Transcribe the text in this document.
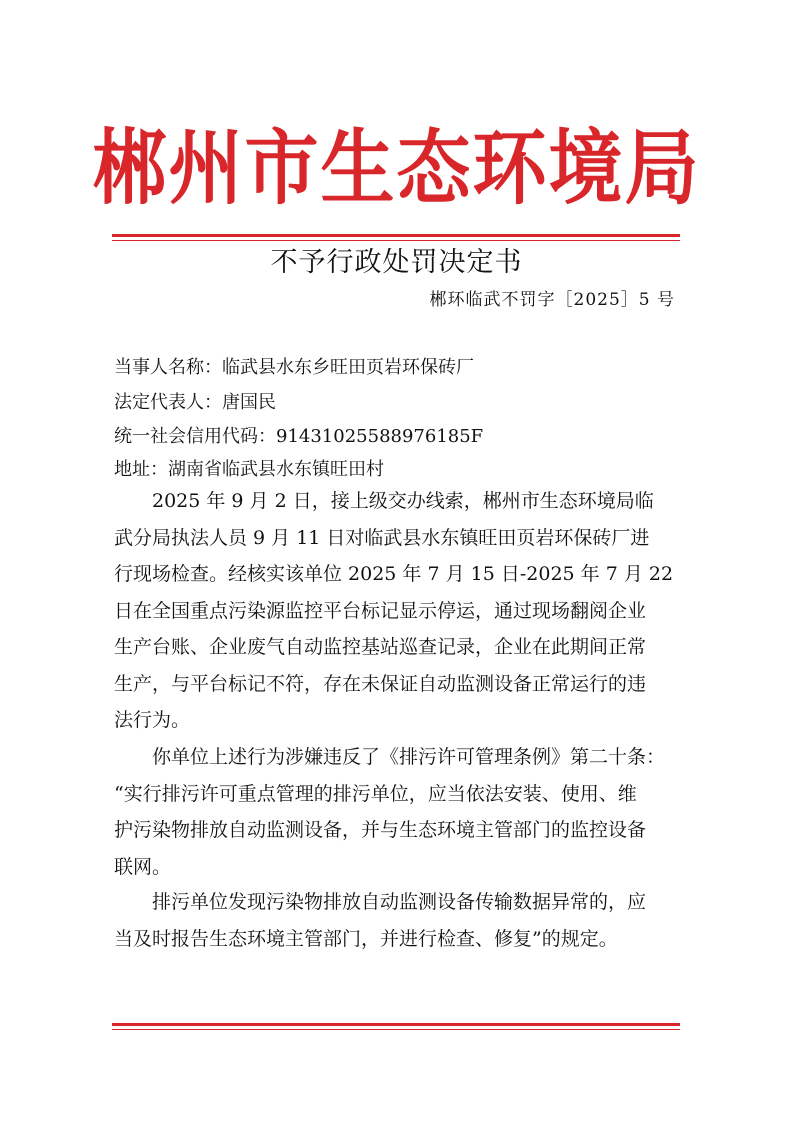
郴州市生态环境局
不予行政处罚决定书
郴环临武不罚字［2025］5 号
当事人名称：临武县水东乡旺田页岩环保砖厂
法定代表人：唐国民
统一社会信用代码：91431025588976185F
地址：湖南省临武县水东镇旺田村
2025 年 9 月 2 日，接上级交办线索，郴州市生态环境局临
武分局执法人员 9 月 11 日对临武县水东镇旺田页岩环保砖厂进
行现场检查。经核实该单位 2025 年 7 月 15 日-2025 年 7 月 22
日在全国重点污染源监控平台标记显示停运，通过现场翻阅企业
生产台账、企业废气自动监控基站巡查记录，企业在此期间正常
生产，与平台标记不符，存在未保证自动监测设备正常运行的违
法行为。
你单位上述行为涉嫌违反了《排污许可管理条例》第二十条：
“实行排污许可重点管理的排污单位，应当依法安装、使用、维
护污染物排放自动监测设备，并与生态环境主管部门的监控设备
联网。
排污单位发现污染物排放自动监测设备传输数据异常的，应
当及时报告生态环境主管部门，并进行检查、修复”的规定。
